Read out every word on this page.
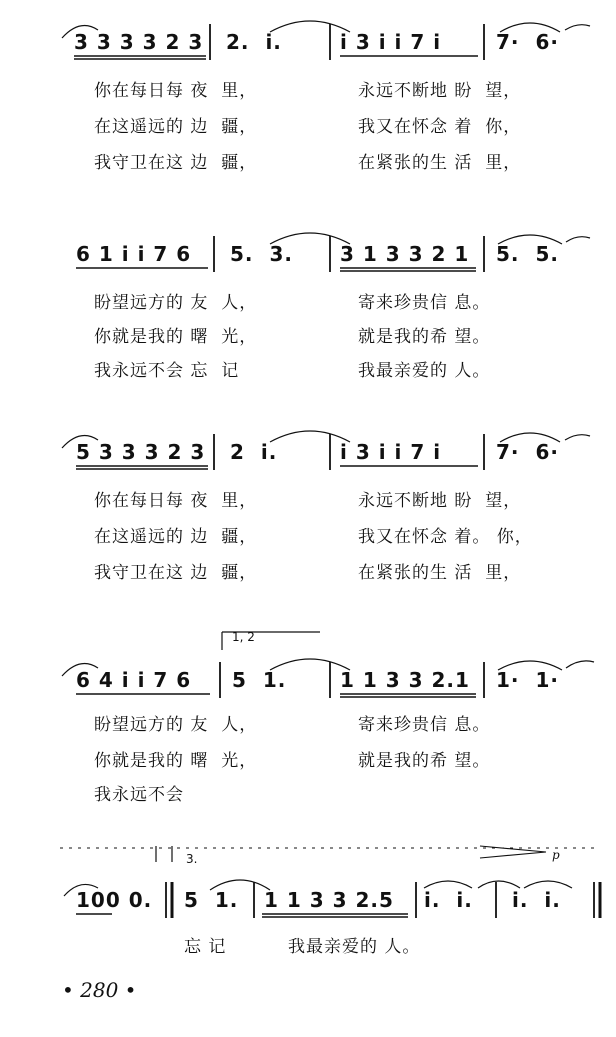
3 3 3 3 2 3 2.  i.	i 3 i i 7 i	7·  6·
你在每日每 夜  里，	永远不断地 盼  望，
在这遥远的 边  疆，	我又在怀念 着  你，
我守卫在这 边  疆，	在紧张的生 活  里，
6 1 i i 7 6 5.  3. 3 1 3 3 2 1 5.  5.
盼望远方的 友  人，	寄来珍贵信 息。
你就是我的 曙  光，	就是我的希 望。
我永远不会 忘  记	我最亲爱的 人。
5 3 3 3 2 3 2  i.	i 3 i i 7 i	7·  6·
你在每日每 夜  里，	永远不断地 盼  望，
在这遥远的 边  疆，	我又在怀念 着。 你，
我守卫在这 边  疆，	在紧张的生 活  里，
1, 2
6 4 i i 7 6 5  1.	1 1 3 3 2.1 1·  1·
盼望远方的 友  人，	寄来珍贵信 息。
你就是我的 曙  光，	就是我的希 望。
我永远不会
3.	p
100 0. 5  1. 1 1 3 3 2.5 i.  i. i.  i.
忘 记	我最亲爱的 人。
• 280 •
